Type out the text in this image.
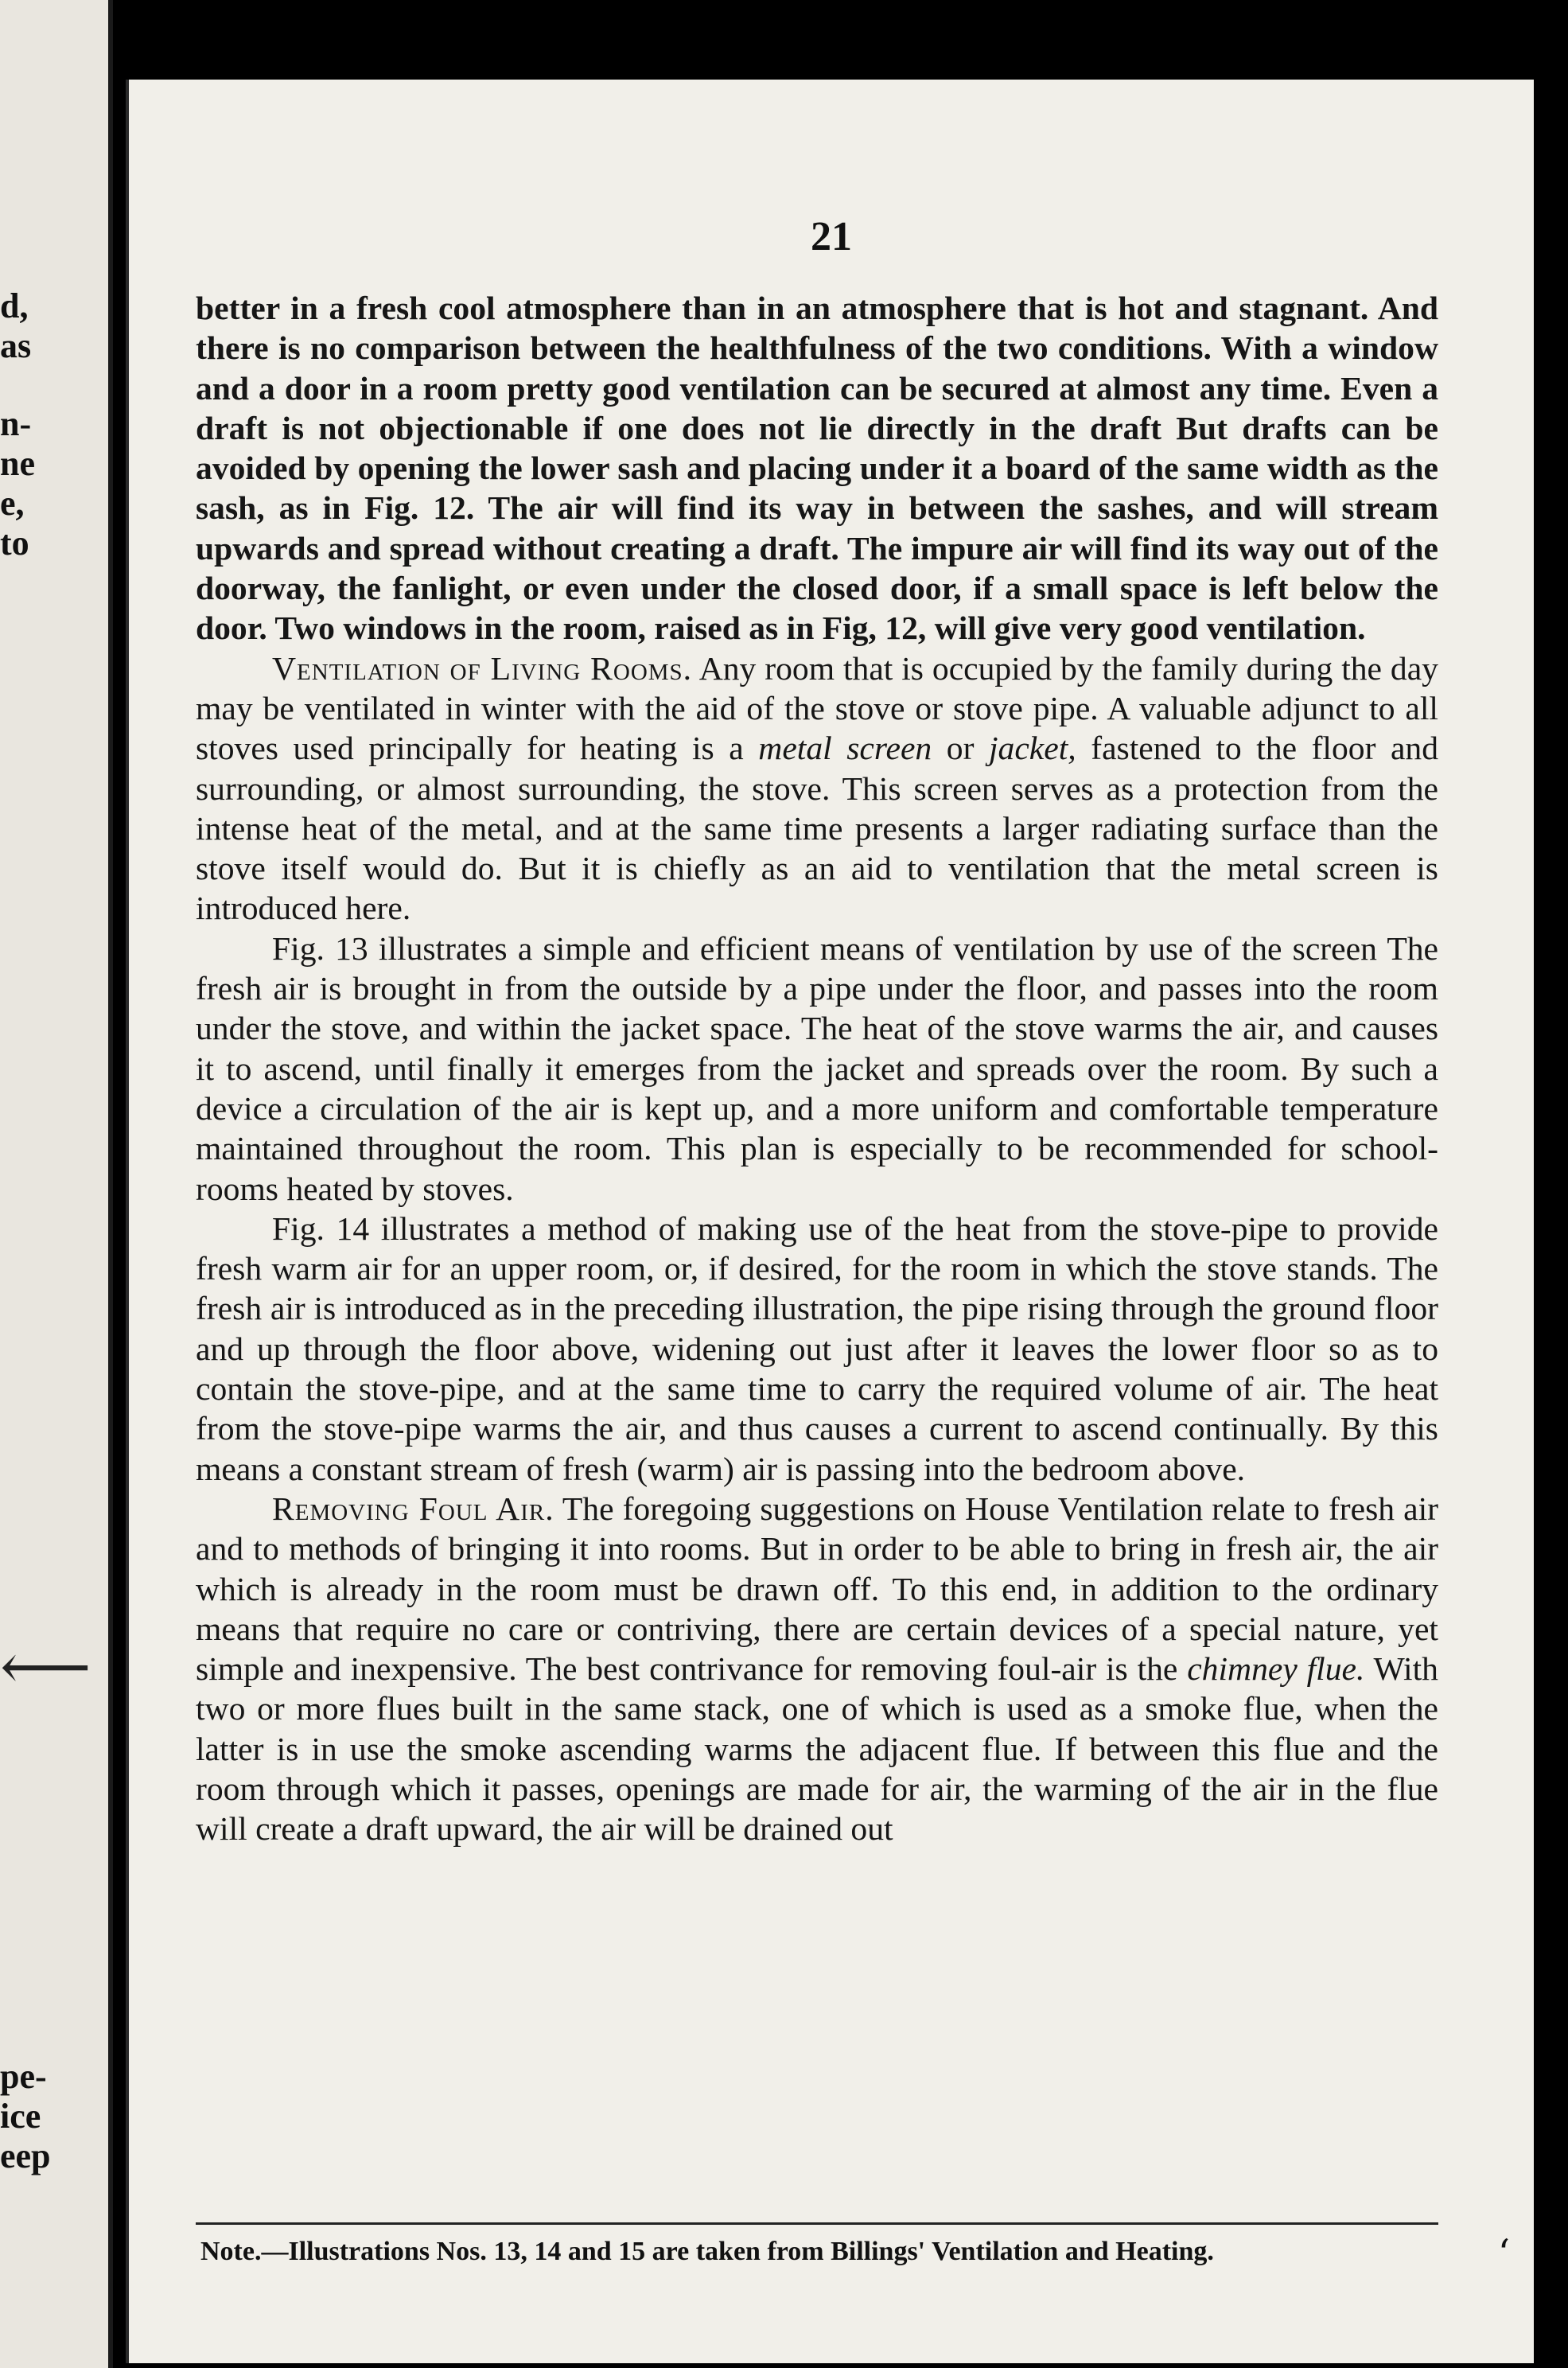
d,
as
n-
ne
e,
to
⟵
pe-
ice
eep
21

better in a fresh cool atmosphere than in an atmosphere that is hot and stagnant. And there is no comparison between the healthfulness of the two conditions. With a window and a door in a room pretty good ventilation can be secured at almost any time. Even a draft is not objectionable if one does not lie directly in the draft But drafts can be avoided by opening the lower sash and placing under it a board of the same width as the sash, as in Fig. 12. The air will find its way in between the sashes, and will stream upwards and spread without creating a draft. The impure air will find its way out of the doorway, the fanlight, or even under the closed door, if a small space is left below the door. Two windows in the room, raised as in Fig, 12, will give very good ventilation.

Ventilation of Living Rooms. Any room that is occupied by the family during the day may be ventilated in winter with the aid of the stove or stove pipe. A valuable adjunct to all stoves used principally for heating is a metal screen or jacket, fastened to the floor and surrounding, or almost surrounding, the stove. This screen serves as a protection from the intense heat of the metal, and at the same time presents a larger radiating surface than the stove itself would do. But it is chiefly as an aid to ventilation that the metal screen is introduced here.

Fig. 13 illustrates a simple and efficient means of ventilation by use of the screen The fresh air is brought in from the outside by a pipe under the floor, and passes into the room under the stove, and within the jacket space. The heat of the stove warms the air, and causes it to ascend, until finally it emerges from the jacket and spreads over the room. By such a device a circulation of the air is kept up, and a more uniform and comfortable temperature maintained throughout the room. This plan is especially to be recommended for school-rooms heated by stoves.

Fig. 14 illustrates a method of making use of the heat from the stove-pipe to provide fresh warm air for an upper room, or, if desired, for the room in which the stove stands. The fresh air is introduced as in the preceding illustration, the pipe rising through the ground floor and up through the floor above, widening out just after it leaves the lower floor so as to contain the stove-pipe, and at the same time to carry the required volume of air. The heat from the stove-pipe warms the air, and thus causes a current to ascend continually. By this means a constant stream of fresh (warm) air is passing into the bedroom above.

Removing Foul Air. The foregoing suggestions on House Ventilation relate to fresh air and to methods of bringing it into rooms. But in order to be able to bring in fresh air, the air which is already in the room must be drawn off. To this end, in addition to the ordinary means that require no care or contriving, there are certain devices of a special nature, yet simple and inexpensive. The best contrivance for removing foul-air is the chimney flue. With two or more flues built in the same stack, one of which is used as a smoke flue, when the latter is in use the smoke ascending warms the adjacent flue. If between this flue and the room through which it passes, openings are made for air, the warming of the air in the flue will create a draft upward, the air will be drained out

Note.—Illustrations Nos. 13, 14 and 15 are taken from Billings' Ventilation and Heating.	‘
